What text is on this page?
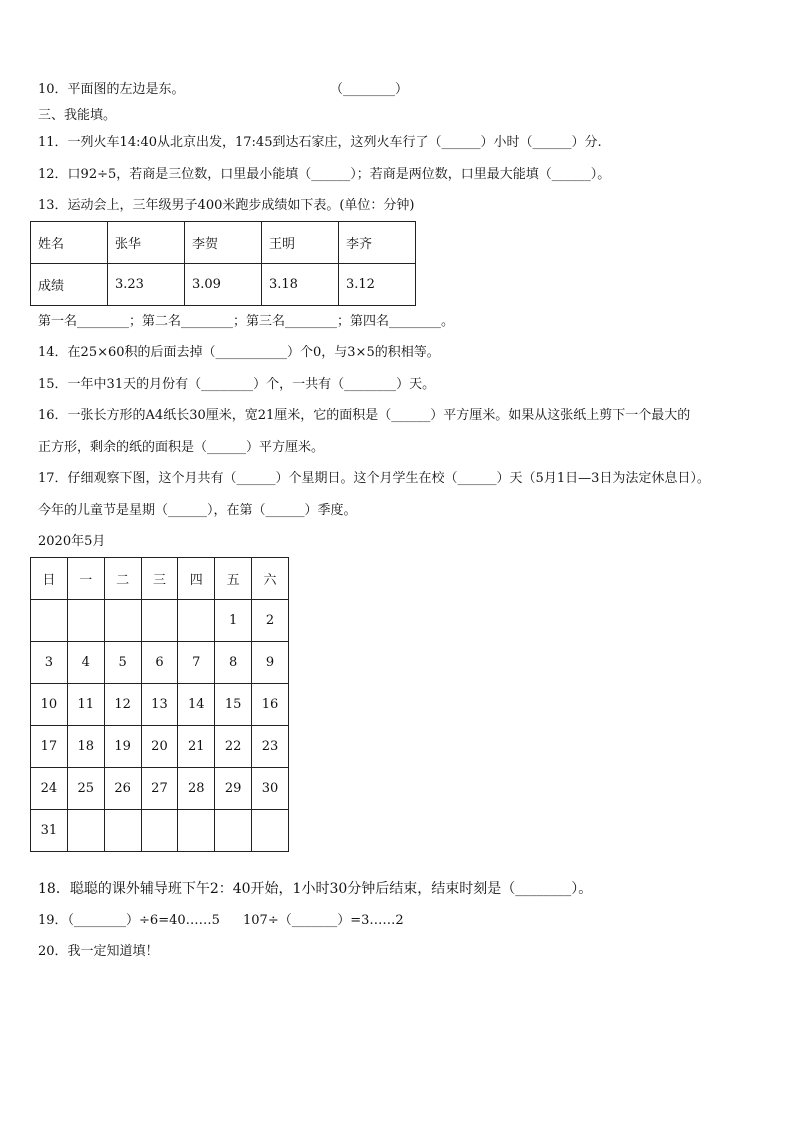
10．平面图的左边是东。	（________）
三、我能填。
11．一列火车14:40从北京出发，17:45到达石家庄，这列火车行了（______）小时（______）分.
12．口92÷5，若商是三位数，口里最小能填（______）；若商是两位数，口里最大能填（______）。
13．运动会上，三年级男子400米跑步成绩如下表。(单位：分钟)
姓名	张华	李贺	王明	李齐
成绩	3.23	3.09	3.18	3.12
第一名________；第二名________；第三名________；第四名________。
14．在25×60积的后面去掉（___________）个0，与3×5的积相等。
15．一年中31天的月份有（________）个，一共有（________）天。
16．一张长方形的A4纸长30厘米，宽21厘米，它的面积是（______）平方厘米。如果从这张纸上剪下一个最大的
正方形，剩余的纸的面积是（______）平方厘米。
17．仔细观察下图，这个月共有（______）个星期日。这个月学生在校（______）天（5月1日—3日为法定休息日）。
今年的儿童节是星期（______），在第（______）季度。
2020年5月
日	一	二	三	四	五	六
					1	2
3	4	5	6	7	8	9
10	11	12	13	14	15	16
17	18	19	20	21	22	23
24	25	26	27	28	29	30
31						
18．聪聪的课外辅导班下午2：40开始，1小时30分钟后结束，结束时刻是（________）。
19．（________）÷6=40……5 107÷（_______）=3……2
20．我一定知道填！
